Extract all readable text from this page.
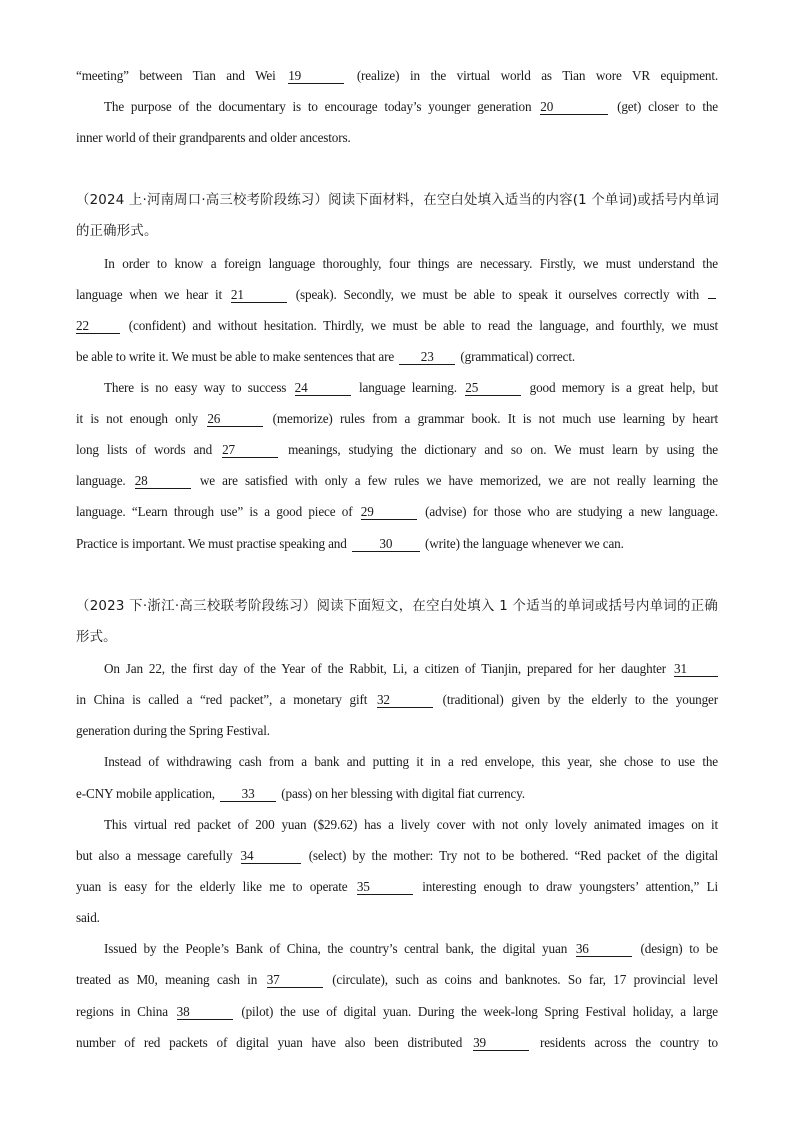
“meeting” between Tian and Wei 19	(realize) in the virtual world as Tian wore VR equipment.
The purpose of the documentary is to encourage today’s younger generation 20	(get) closer to the
inner world of their grandparents and older ancestors.
（2024 上·河南周口·高三校考阶段练习）阅读下面材料，在空白处填入适当的内容(1 个单词)或括号内单词
的正确形式。
In order to know a foreign language thoroughly, four things are necessary. Firstly, we must understand the
language when we hear it 21	(speak). Secondly, we must be able to speak it ourselves correctly with
22	(confident) and without hesitation. Thirdly, we must be able to read the language, and fourthly, we must
be able to write it. We must be able to make sentences that are 23 (grammatical) correct.
There is no easy way to success 24	language learning. 25	good memory is a great help, but
it is not enough only 26	(memorize) rules from a grammar book. It is not much use learning by heart
long lists of words and 27	meanings, studying the dictionary and so on. We must learn by using the
language. 28	we are satisfied with only a few rules we have memorized, we are not really learning the
language. “Learn through use” is a good piece of 29	(advise) for those who are studying a new language.
Practice is important. We must practise speaking and 30 (write) the language whenever we can.
（2023 下·浙江·高三校联考阶段练习）阅读下面短文，在空白处填入 1 个适当的单词或括号内单词的正确
形式。
On Jan 22, the first day of the Year of the Rabbit, Li, a citizen of Tianjin, prepared for her daughter 31
in China is called a “red packet”, a monetary gift 32	(traditional) given by the elderly to the younger
generation during the Spring Festival.
Instead of withdrawing cash from a bank and putting it in a red envelope, this year, she chose to use the
e-CNY mobile application, 33 (pass) on her blessing with digital fiat currency.
This virtual red packet of 200 yuan ($29.62) has a lively cover with not only lovely animated images on it
but also a message carefully 34	(select) by the mother: Try not to be bothered. “Red packet of the digital
yuan is easy for the elderly like me to operate 35	interesting enough to draw youngsters’ attention,” Li
said.
Issued by the People’s Bank of China, the country’s central bank, the digital yuan 36	(design) to be
treated as M0, meaning cash in 37	(circulate), such as coins and banknotes. So far, 17 provincial level
regions in China 38	(pilot) the use of digital yuan. During the week-long Spring Festival holiday, a large
number of red packets of digital yuan have also been distributed 39	residents across the country to
